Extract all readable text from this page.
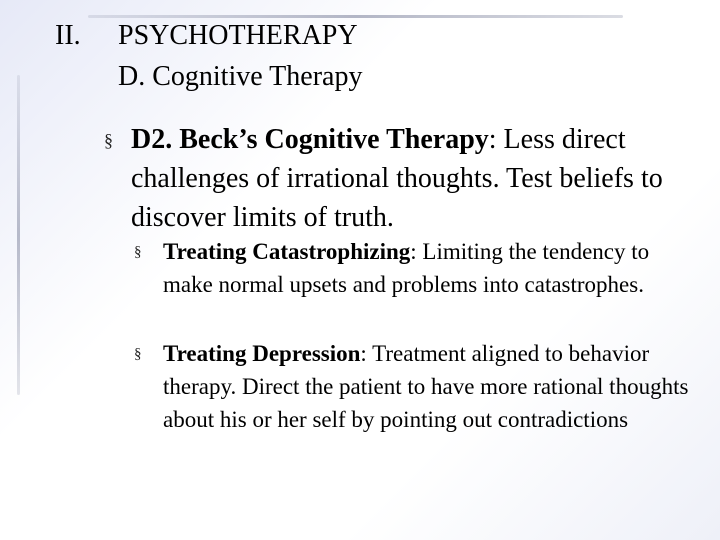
II. PSYCHOTHERAPY
D. Cognitive Therapy
§ D2. Beck’s Cognitive Therapy: Less direct challenges of irrational thoughts. Test beliefs to discover limits of truth.
§ Treating Catastrophizing: Limiting the tendency to make normal upsets and problems into catastrophes.
§ Treating Depression: Treatment aligned to behavior therapy. Direct the patient to have more rational thoughts about his or her self by pointing out contradictions
